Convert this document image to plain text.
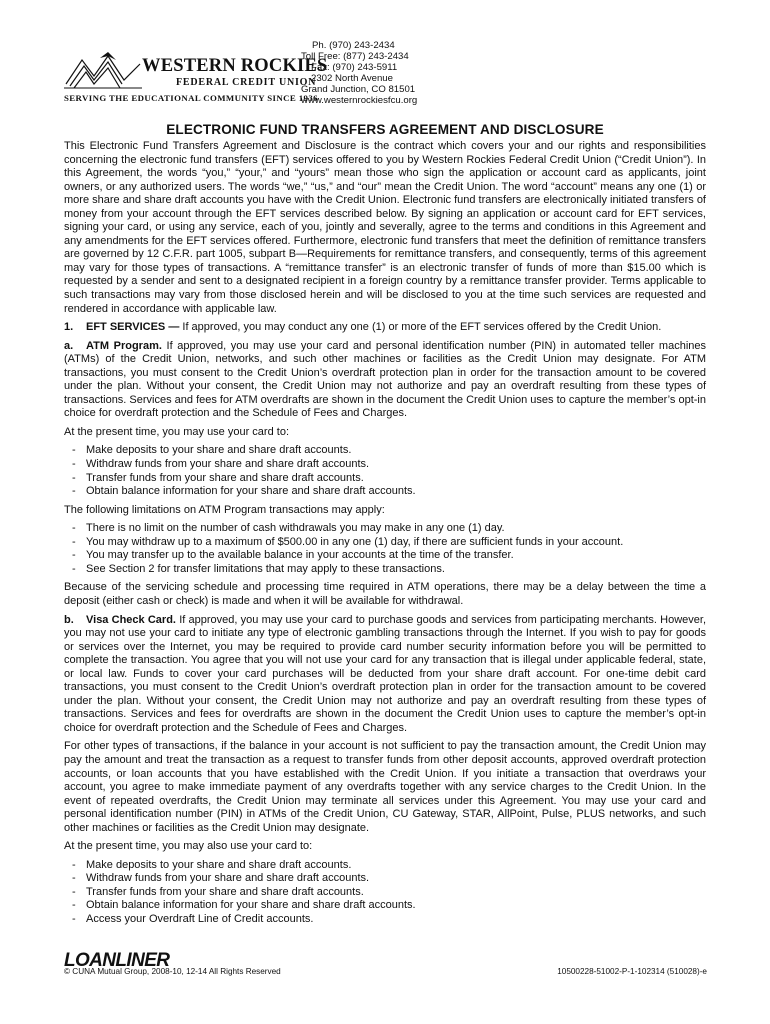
WESTERN ROCKIES
FEDERAL CREDIT UNION
SERVING THE EDUCATIONAL COMMUNITY SINCE 1936
Ph. (970) 243-2434
Toll Free: (877) 243-2434
Fax: (970) 243-5911
2302 North Avenue
Grand Junction, CO 81501
www.westernrockiesfcu.org
ELECTRONIC FUND TRANSFERS AGREEMENT AND DISCLOSURE

This Electronic Fund Transfers Agreement and Disclosure is the contract which covers your and our rights and responsibilities concerning the electronic fund transfers (EFT) services offered to you by Western Rockies Federal Credit Union (“Credit Union”). In this Agreement, the words “you,” “your,” and “yours” mean those who sign the application or account card as applicants, joint owners, or any authorized users. The words “we,” “us,” and “our” mean the Credit Union. The word “account” means any one (1) or more share and share draft accounts you have with the Credit Union. Electronic fund transfers are electronically initiated transfers of money from your account through the EFT services described below. By signing an application or account card for EFT services, signing your card, or using any service, each of you, jointly and severally, agree to the terms and conditions in this Agreement and any amendments for the EFT services offered. Furthermore, electronic fund transfers that meet the definition of remittance transfers are governed by 12 C.F.R. part 1005, subpart B—Requirements for remittance transfers, and consequently, terms of this agreement may vary for those types of transactions. A “remittance transfer” is an electronic transfer of funds of more than $15.00 which is requested by a sender and sent to a designated recipient in a foreign country by a remittance transfer provider. Terms applicable to such transactions may vary from those disclosed herein and will be disclosed to you at the time such services are requested and rendered in accordance with applicable law.

1. EFT SERVICES — If approved, you may conduct any one (1) or more of the EFT services offered by the Credit Union.

a. ATM Program. If approved, you may use your card and personal identification number (PIN) in automated teller machines (ATMs) of the Credit Union, networks, and such other machines or facilities as the Credit Union may designate. For ATM transactions, you must consent to the Credit Union’s overdraft protection plan in order for the transaction amount to be covered under the plan. Without your consent, the Credit Union may not authorize and pay an overdraft resulting from these types of transactions. Services and fees for ATM overdrafts are shown in the document the Credit Union uses to capture the member’s opt-in choice for overdraft protection and the Schedule of Fees and Charges.

At the present time, you may use your card to:

- Make deposits to your share and share draft accounts.
- Withdraw funds from your share and share draft accounts.
- Transfer funds from your share and share draft accounts.
- Obtain balance information for your share and share draft accounts.

The following limitations on ATM Program transactions may apply:

- There is no limit on the number of cash withdrawals you may make in any one (1) day.
- You may withdraw up to a maximum of $500.00 in any one (1) day, if there are sufficient funds in your account.
- You may transfer up to the available balance in your accounts at the time of the transfer.
- See Section 2 for transfer limitations that may apply to these transactions.

Because of the servicing schedule and processing time required in ATM operations, there may be a delay between the time a deposit (either cash or check) is made and when it will be available for withdrawal.

b. Visa Check Card. If approved, you may use your card to purchase goods and services from participating merchants. However, you may not use your card to initiate any type of electronic gambling transactions through the Internet. If you wish to pay for goods or services over the Internet, you may be required to provide card number security information before you will be permitted to complete the transaction. You agree that you will not use your card for any transaction that is illegal under applicable federal, state, or local law. Funds to cover your card purchases will be deducted from your share draft account. For one-time debit card transactions, you must consent to the Credit Union’s overdraft protection plan in order for the transaction amount to be covered under the plan. Without your consent, the Credit Union may not authorize and pay an overdraft resulting from these types of transactions. Services and fees for overdrafts are shown in the document the Credit Union uses to capture the member’s opt-in choice for overdraft protection and the Schedule of Fees and Charges.

For other types of transactions, if the balance in your account is not sufficient to pay the transaction amount, the Credit Union may pay the amount and treat the transaction as a request to transfer funds from other deposit accounts, approved overdraft protection accounts, or loan accounts that you have established with the Credit Union. If you initiate a transaction that overdraws your account, you agree to make immediate payment of any overdrafts together with any service charges to the Credit Union. In the event of repeated overdrafts, the Credit Union may terminate all services under this Agreement. You may use your card and personal identification number (PIN) in ATMs of the Credit Union, CU Gateway, STAR, AllPoint, Pulse, PLUS networks, and such other machines or facilities as the Credit Union may designate.

At the present time, you may also use your card to:

- Make deposits to your share and share draft accounts.
- Withdraw funds from your share and share draft accounts.
- Transfer funds from your share and share draft accounts.
- Obtain balance information for your share and share draft accounts.
- Access your Overdraft Line of Credit accounts.
LOANLINER
© CUNA Mutual Group, 2008-10, 12-14 All Rights Reserved	10500228-51002-P-1-102314 (510028)-e
